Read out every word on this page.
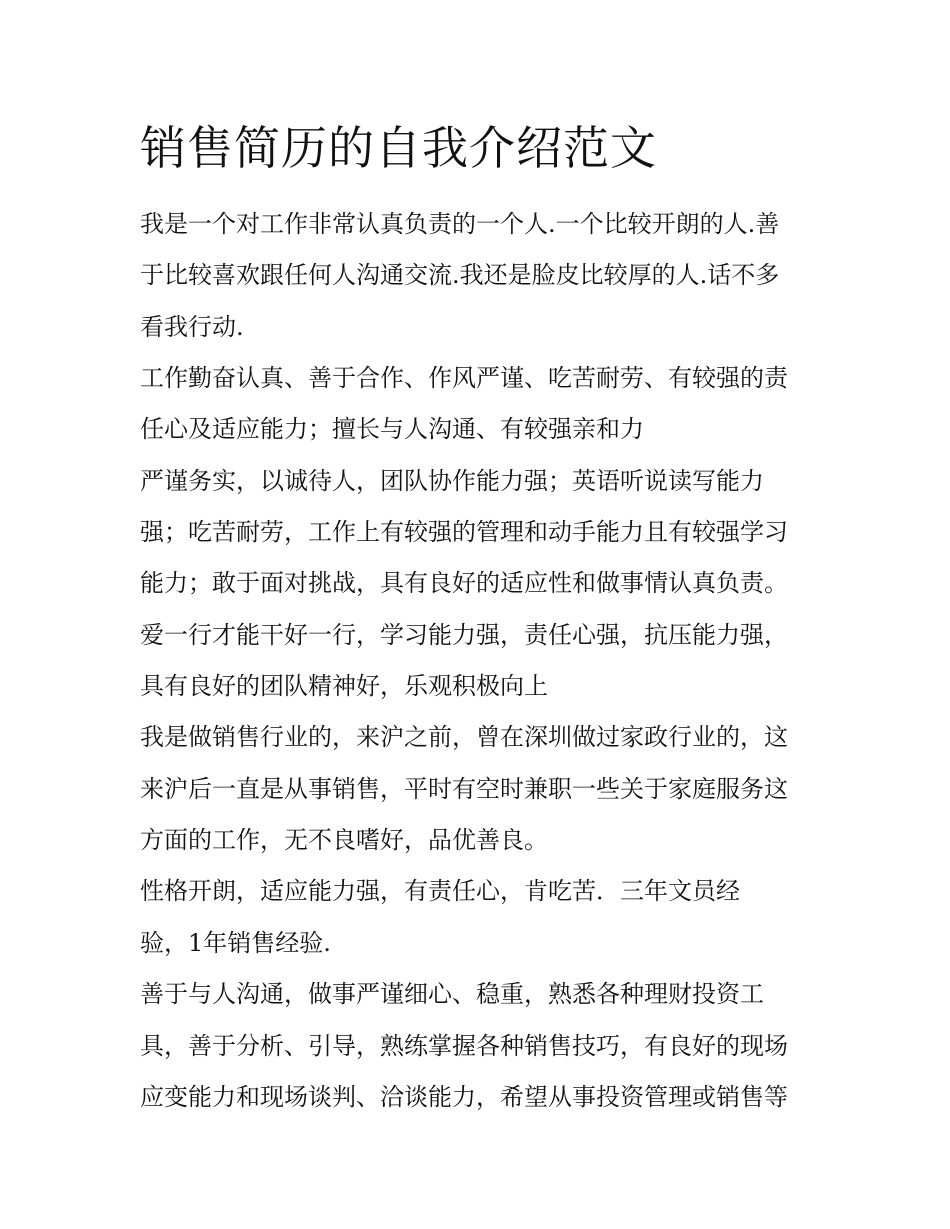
销售简历的自我介绍范文
我是一个对工作非常认真负责的一个人.一个比较开朗的人.善
于比较喜欢跟任何人沟通交流.我还是脸皮比较厚的人.话不多
看我行动.
工作勤奋认真、善于合作、作风严谨、吃苦耐劳、有较强的责
任心及适应能力；擅长与人沟通、有较强亲和力
严谨务实，以诚待人，团队协作能力强；英语听说读写能力
强；吃苦耐劳，工作上有较强的管理和动手能力且有较强学习
能力；敢于面对挑战，具有良好的适应性和做事情认真负责。
爱一行才能干好一行，学习能力强，责任心强，抗压能力强，
具有良好的团队精神好，乐观积极向上
我是做销售行业的，来沪之前，曾在深圳做过家政行业的，这
来沪后一直是从事销售，平时有空时兼职一些关于家庭服务这
方面的工作，无不良嗜好，品优善良。
性格开朗，适应能力强，有责任心，肯吃苦．三年文员经
验，1年销售经验.
善于与人沟通，做事严谨细心、稳重，熟悉各种理财投资工
具，善于分析、引导，熟练掌握各种销售技巧，有良好的现场
应变能力和现场谈判、洽谈能力，希望从事投资管理或销售等
